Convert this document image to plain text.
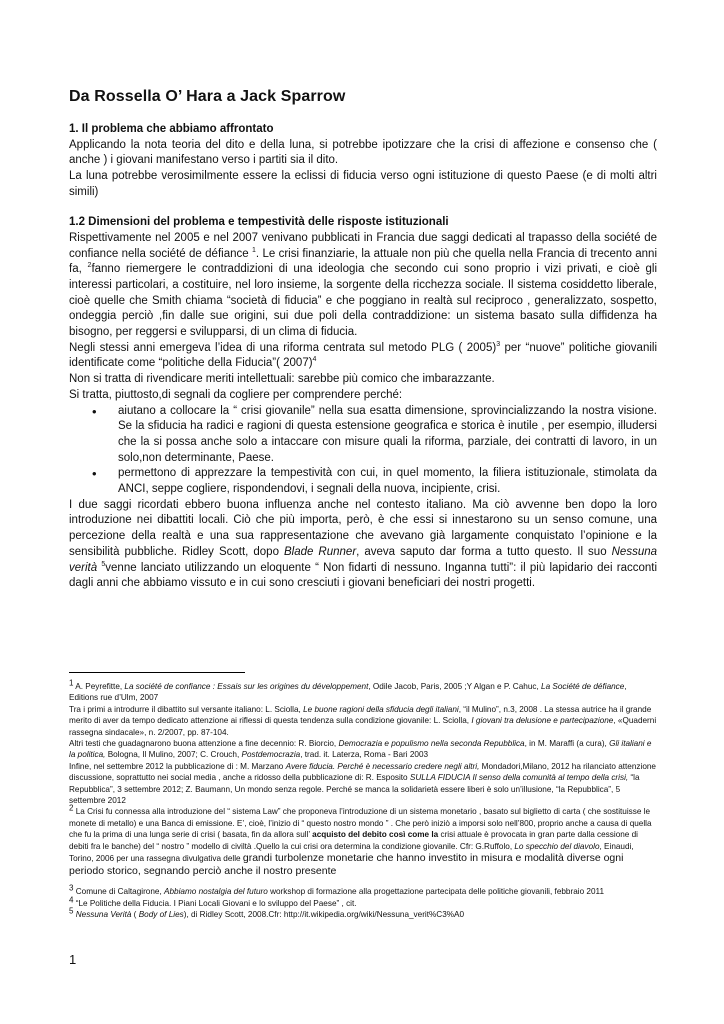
Da Rossella O’ Hara a Jack Sparrow
1. Il problema che abbiamo affrontato

Applicando la nota teoria del dito e della luna, si potrebbe ipotizzare che la crisi di affezione e consenso che ( anche ) i giovani manifestano verso i partiti sia il dito.

La luna potrebbe verosimilmente essere la eclissi di fiducia verso ogni istituzione di questo Paese (e di molti altri simili)

1.2 Dimensioni del problema e tempestività delle risposte istituzionali

Rispettivamente nel 2005 e nel 2007 venivano pubblicati in Francia due saggi dedicati al trapasso della société de confiance nella société de défiance $^1$. Le crisi finanziarie, la attuale non più che quella nella Francia di trecento anni fa, $^2$fanno riemergere le contraddizioni di una ideologia che secondo cui sono proprio i vizi privati, e cioè gli interessi particolari, a costituire, nel loro insieme, la sorgente della ricchezza sociale. Il sistema cosiddetto liberale, cioè quelle che Smith chiama “società di fiducia” e che poggiano in realtà sul reciproco , generalizzato, sospetto, ondeggia perciò ,fin dalle sue origini, sui due poli della contraddizione: un sistema basato sulla diffidenza ha bisogno, per reggersi e svilupparsi, di un clima di fiducia.

Negli stessi anni emergeva l’idea di una riforma centrata sul metodo PLG ( 2005)$^3$ per “nuove” politiche giovanili identificate come “politiche della Fiducia”( 2007)$^4$

Non si tratta di rivendicare meriti intellettuali: sarebbe più comico che imbarazzante.

Si tratta, piuttosto,di segnali da cogliere per comprendere perché:

• aiutano a collocare la “ crisi giovanile” nella sua esatta dimensione, sprovincializzando la nostra visione. Se la sfiducia ha radici e ragioni di questa estensione geografica e storica è inutile , per esempio, illudersi che la si possa anche solo a intaccare con misure quali la riforma, parziale, dei contratti di lavoro, in un solo,non determinante, Paese.
• permettono di apprezzare la tempestività con cui, in quel momento, la filiera istituzionale, stimolata da ANCI, seppe cogliere, rispondendovi, i segnali della nuova, incipiente, crisi.

I due saggi ricordati ebbero buona influenza anche nel contesto italiano. Ma ciò avvenne ben dopo la loro introduzione nei dibattiti locali. Ciò che più importa, però, è che essi si innestarono su un senso comune, una percezione della realtà e una sua rappresentazione che avevano già largamente conquistato l’opinione e la sensibilità pubbliche. Ridley Scott, dopo Blade Runner, aveva saputo dar forma a tutto questo. Il suo Nessuna verità $^5$venne lanciato utilizzando un eloquente “ Non fidarti di nessuno. Inganna tutti”: il più lapidario dei racconti dagli anni che abbiamo vissuto e in cui sono cresciuti i giovani beneficiari dei nostri progetti.

$^1$ A. Peyrefitte, La société de confiance : Essais sur les origines du développement, Odile Jacob, Paris, 2005 ;Y Algan e P. Cahuc, La Société de défiance, Editions rue d’Ulm, 2007

Tra i primi a introdurre il dibattito sul versante italiano: L. Sciolla, Le buone ragioni della sfiducia degli italiani, “il Mulino”, n.3, 2008 . La stessa autrice ha il grande merito di aver da tempo dedicato attenzione ai riflessi di questa tendenza sulla condizione giovanile: L. Sciolla, I giovani tra delusione e partecipazione, «Quaderni rassegna sindacale», n. 2/2007, pp. 87-104.

Altri testi che guadagnarono buona attenzione a fine decennio: R. Biorcio, Democrazia e populismo nella seconda Repubblica, in M. Maraffi (a cura), Gli italiani e la politica, Bologna, Il Mulino, 2007; C. Crouch, Postdemocrazia, trad. it. Laterza, Roma - Bari 2003

Infine, nel settembre 2012 la pubblicazione di : M. Marzano Avere fiducia. Perché è necessario credere negli altri, Mondadori,Milano, 2012 ha rilanciato attenzione discussione, soprattutto nei social media , anche a ridosso della pubblicazione di: R. Esposito SULLA FIDUCIA Il senso della comunità al tempo della crisi, “la Repubblica”, 3 settembre 2012; Z. Baumann, Un mondo senza regole. Perché se manca la solidarietà essere liberi è solo un’illusione, “la Repubblica”, 5 settembre 2012

$^2$ La Crisi fu connessa alla introduzione del “ sistema Law” che proponeva l’introduzione di un sistema monetario , basato sul biglietto di carta ( che sostituisse le monete di metallo) e una Banca di emissione. E’, cioè, l’inizio di “ questo nostro mondo ” . Che però iniziò a imporsi solo nell’800, proprio anche a causa di quella che fu la prima di una lunga serie di crisi ( basata, fin da allora sull’ acquisto del debito così come la crisi attuale è provocata in gran parte dalla cessione di debiti fra le banche) del “ nostro ” modello di civiltà .Quello la cui crisi ora determina la condizione giovanile. Cfr: G.Ruffolo, Lo specchio del diavolo, Einaudi, Torino, 2006 per una rassegna divulgativa delle grandi turbolenze monetarie che hanno investito in misura e modalità diverse ogni periodo storico, segnando perciò anche il nostro presente

$^3$ Comune di Caltagirone, Abbiamo nostalgia del futuro workshop di formazione alla progettazione partecipata delle politiche giovanili, febbraio 2011

$^4$ “Le Politiche della Fiducia. I Piani Locali Giovani e lo sviluppo del Paese” , cit.

$^5$ Nessuna Verità ( Body of Lies), di Ridley Scott, 2008.Cfr: http://it.wikipedia.org/wiki/Nessuna_verit%C3%A0

1
